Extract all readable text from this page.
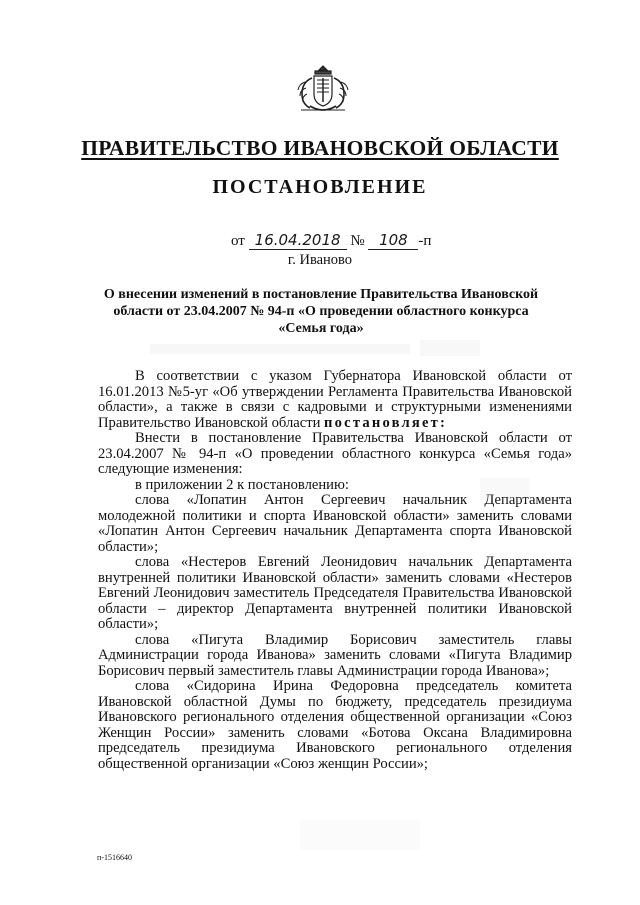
ПРАВИТЕЛЬСТВО ИВАНОВСКОЙ ОБЛАСТИ
ПОСТАНОВЛЕНИЕ
от 16.04.2018 № 108 -п
г. Иваново
О внесении изменений в постановление Правительства Ивановской области от 23.04.2007 № 94-п «О проведении областного конкурса «Семья года»

В соответствии с указом Губернатора Ивановской области от 16.01.2013 №5-уг «Об утверждении Регламента Правительства Ивановской области», а также в связи с кадровыми и структурными изменениями Правительство Ивановской области постановляет:

Внести в постановление Правительства Ивановской области от 23.04.2007 № 94-п «О проведении областного конкурса «Семья года» следующие изменения:

в приложении 2 к постановлению:

слова «Лопатин Антон Сергеевич начальник Департамента молодежной политики и спорта Ивановской области» заменить словами «Лопатин Антон Сергеевич начальник Департамента спорта Ивановской области»;

слова «Нестеров Евгений Леонидович начальник Департамента внутренней политики Ивановской области» заменить словами «Нестеров Евгений Леонидович заместитель Председателя Правительства Ивановской области – директор Департамента внутренней политики Ивановской области»;

слова «Пигута Владимир Борисович заместитель главы Администрации города Иванова» заменить словами «Пигута Владимир Борисович первый заместитель главы Администрации города Иванова»;

слова «Сидорина Ирина Федоровна председатель комитета Ивановской областной Думы по бюджету, председатель президиума Ивановского регионального отделения общественной организации «Союз Женщин России» заменить словами «Ботова Оксана Владимировна председатель президиума Ивановского регионального отделения общественной организации «Союз женщин России»;

п-1516640
